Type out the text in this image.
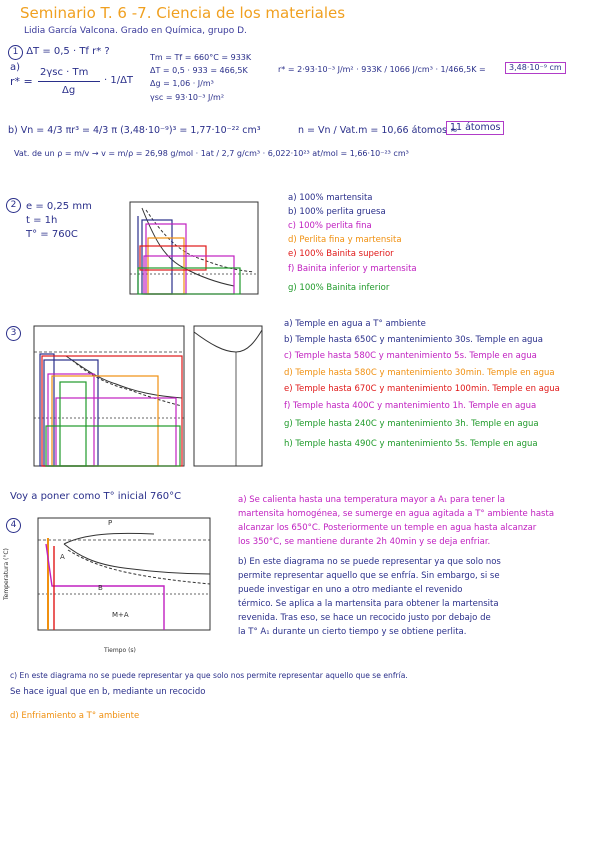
Seminario T. 6 -7. Ciencia de los materiales
Lidia García Valcona. Grado en Química, grupo D.
1 ΔT = 0,5 · Tf r* ?
a)
r* =
2γsc · Tm
Δg
· 1/ΔT
Tm = Tf = 660°C = 933K
ΔT = 0,5 · 933 = 466,5K
Δg = 1,06 · J/m³
γsc = 93·10⁻³ J/m²
r* = 2·93·10⁻³ J/m² · 933K / 1066 J/cm³ · 1/466,5K =	3,48·10⁻⁹ cm
b) Vn = 4/3 πr³ = 4/3 π (3,48·10⁻⁹)³ = 1,77·10⁻²² cm³	n = Vn / Vat.m = 10,66 átomos ≈
11 átomos
Vat. de un ρ = m/v → v = m/ρ = 26,98 g/mol · 1at / 2,7 g/cm³ · 6,022·10²³ at/mol = 1,66·10⁻²³ cm³
2 e = 0,25 mm
t = 1h
T° = 760C
a) 100% martensita
b) 100% perlita gruesa
c) 100% perlita fina
d) Perlita fina y martensita
e) 100% Bainita superior
f) Bainita inferior y martensita
g) 100% Bainita inferior
3
a) Temple en agua a T° ambiente
b) Temple hasta 650C y mantenimiento 30s. Temple en agua
c) Temple hasta 580C y mantenimiento 5s. Temple en agua
d) Temple hasta 580C y mantenimiento 30min. Temple en agua
e) Temple hasta 670C y mantenimiento 100min. Temple en agua
f) Temple hasta 400C y mantenimiento 1h. Temple en agua
g) Temple hasta 240C y mantenimiento 3h. Temple en agua
h) Temple hasta 490C y mantenimiento 5s. Temple en agua
Voy a poner como T° inicial 760°C
4	P
A
B
M+A
Tiempo (s)
Temperatura (°C)
a) Se calienta hasta una temperatura mayor a A₁ para tener la
martensita homogénea, se sumerge en agua agitada a T° ambiente hasta
alcanzar los 650°C. Posteriormente un temple en agua hasta alcanzar
los 350°C, se mantiene durante 2h 40min y se deja enfriar.
b) En este diagrama no se puede representar ya que solo nos
permite representar aquello que se enfría. Sin embargo, si se
puede investigar en uno a otro mediante el revenido
térmico. Se aplica a la martensita para obtener la martensita
revenida. Tras eso, se hace un recocido justo por debajo de
la T° A₁ durante un cierto tiempo y se obtiene perlita.
c) En este diagrama no se puede representar ya que solo nos permite representar aquello que se enfría.
Se hace igual que en b, mediante un recocido
d) Enfriamiento a T° ambiente
